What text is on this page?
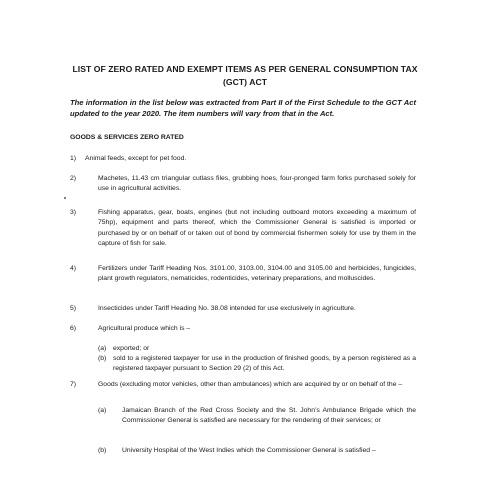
LIST OF ZERO RATED AND EXEMPT ITEMS AS PER GENERAL CONSUMPTION TAX (GCT) ACT
The information in the list below was extracted from Part II of the First Schedule to the GCT Act updated to the year 2020. The item numbers will vary from that in the Act.
GOODS & SERVICES ZERO RATED
1) Animal feeds, except for pet food.
2)	Machetes, 11.43 cm triangular cutlass files, grubbing hoes, four-pronged farm forks purchased solely for use in agricultural activities.
3)	Fishing apparatus, gear, boats, engines (but not including outboard motors exceeding a maximum of 75hp), equipment and parts thereof, which the Commissioner General is satisfied is imported or purchased by or on behalf of or taken out of bond by commercial fishermen solely for use by them in the capture of fish for sale.
4)	Fertilizers under Tariff Heading Nos. 3101.00, 3103.00, 3104.00 and 3105.00 and herbicides, fungicides, plant growth regulators, nematicides, rodenticides, veterinary preparations, and molluscides.
5)	Insecticides under Tariff Heading No. 38.08 intended for use exclusively in agriculture.
6)	Agricultural produce which is –
(a) exported; or
(b) sold to a registered taxpayer for use in the production of finished goods, by a person registered as a registered taxpayer pursuant to Section 29 (2) of this Act.
7)	Goods (excluding motor vehicles, other than ambulances) which are acquired by or on behalf of the –
(a) Jamaican Branch of the Red Cross Society and the St. John’s Ambulance Brigade which the Commissioner General is satisfied are necessary for the rendering of their services; or
(b) University Hospital of the West Indies which the Commissioner General is satisfied –
